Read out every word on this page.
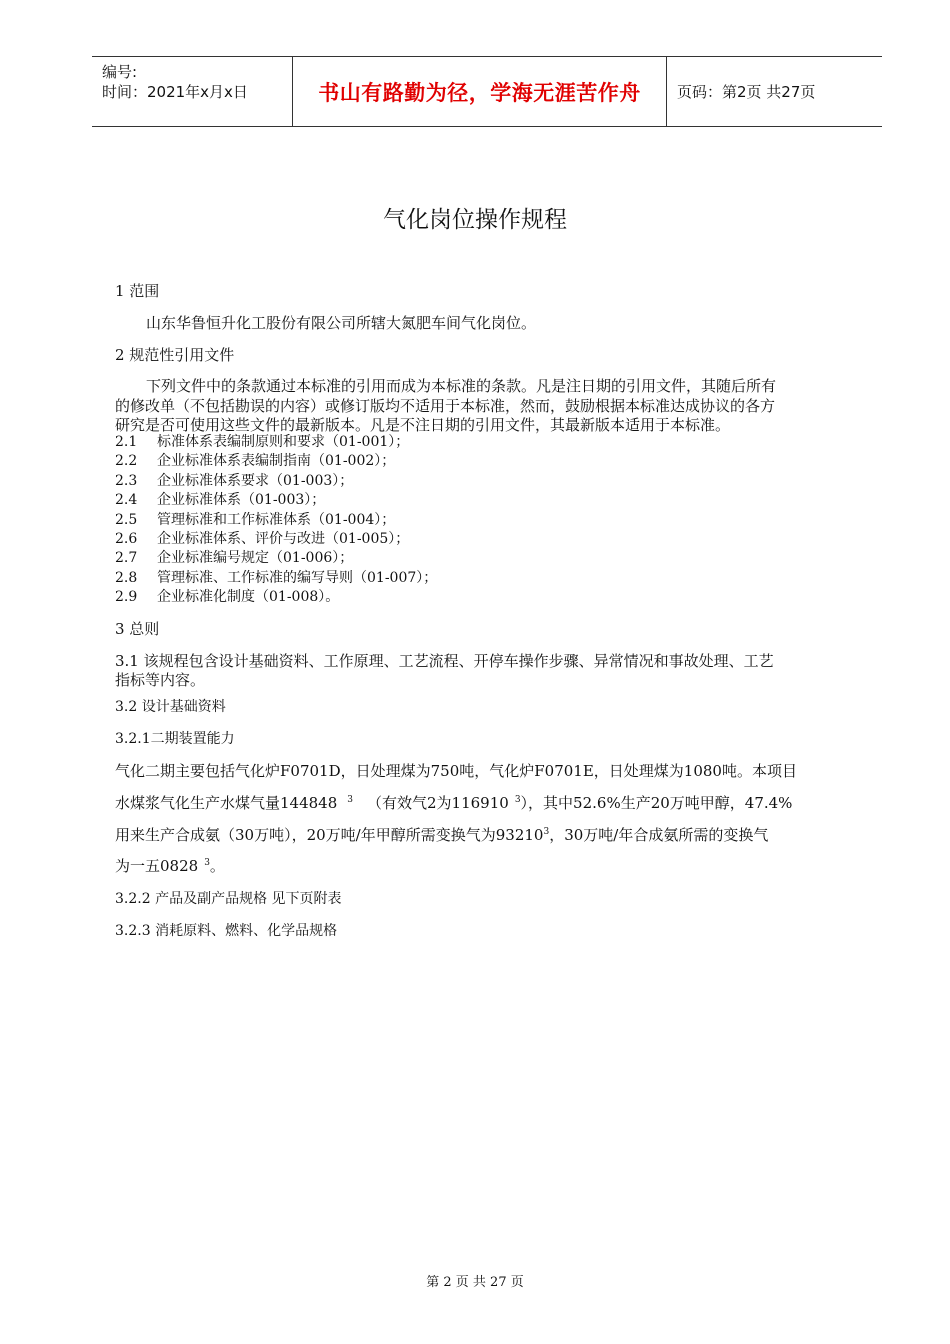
编号:
时间：2021年x月x日	书山有路勤为径，学海无涯苦作舟	页码：第2页 共27页
气化岗位操作规程
1 范围
山东华鲁恒升化工股份有限公司所辖大氮肥车间气化岗位。
2 规范性引用文件
下列文件中的条款通过本标准的引用而成为本标准的条款。凡是注日期的引用文件，其随后所有
的修改单（不包括勘误的内容）或修订版均不适用于本标准，然而，鼓励根据本标准达成协议的各方
研究是否可使用这些文件的最新版本。凡是不注日期的引用文件，其最新版本适用于本标准。
2.1 标准体系表编制原则和要求（01-001）；
2.2 企业标准体系表编制指南（01-002）；
2.3 企业标准体系要求（01-003）；
2.4 企业标准体系（01-003）；
2.5 管理标准和工作标准体系（01-004）；
2.6 企业标准体系、评价与改进（01-005）；
2.7 企业标准编号规定（01-006）；
2.8 管理标准、工作标准的编写导则（01-007）；
2.9 企业标准化制度（01-008）。
3 总则
3.1 该规程包含设计基础资料、工作原理、工艺流程、开停车操作步骤、异常情况和事故处理、工艺
指标等内容。
3.2 设计基础资料
3.2.1二期装置能力
气化二期主要包括气化炉F0701D，日处理煤为750吨，气化炉F0701E，日处理煤为1080吨。本项目
水煤浆气化生产水煤气量144848 $^3$ （有效气2为116910 $^3$），其中52.6%生产20万吨甲醇，47.4%
用来生产合成氨（30万吨），20万吨/年甲醇所需变换气为93210$^3$，30万吨/年合成氨所需的变换气
为一五0828 $^3$。
3.2.2 产品及副产品规格 见下页附表
3.2.3 消耗原料、燃料、化学品规格
第 2 页 共 27 页
